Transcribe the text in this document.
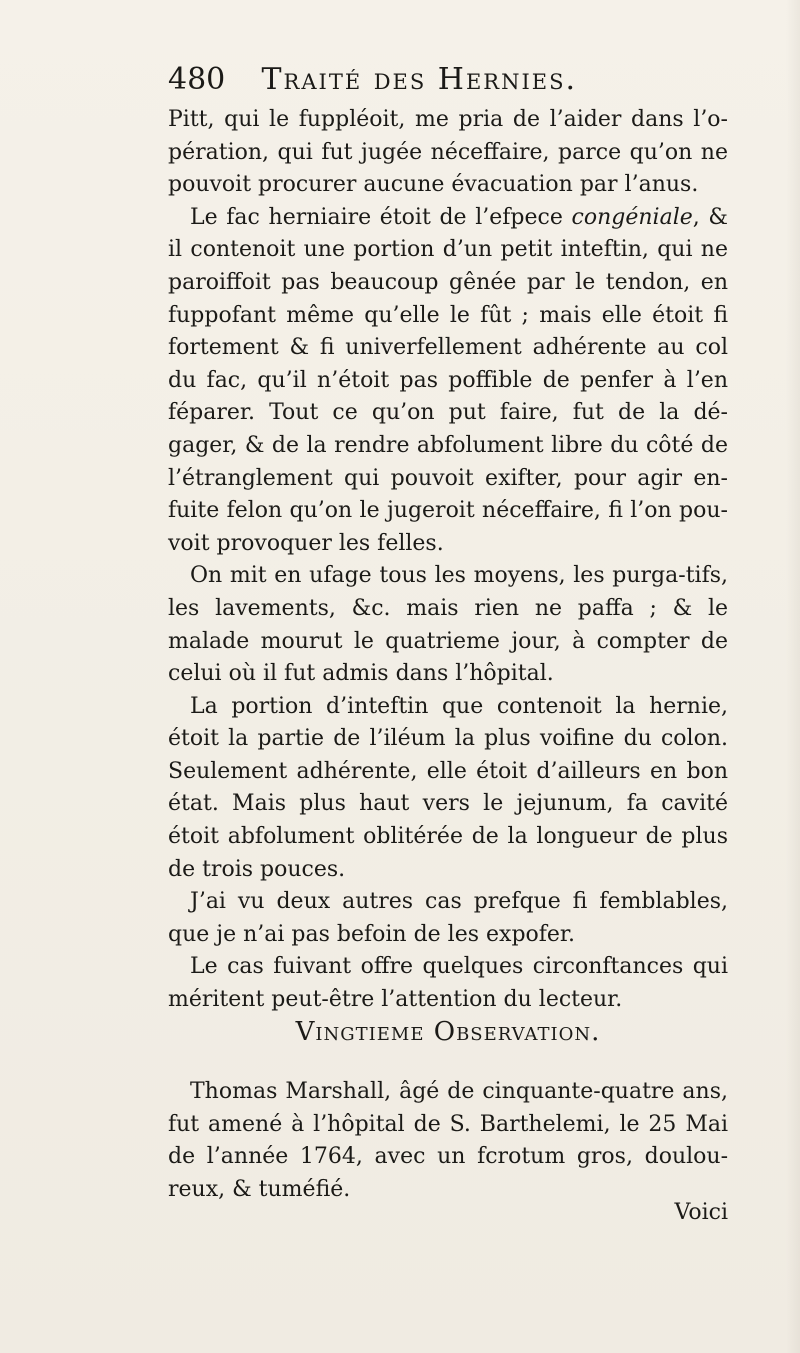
480 Traité des Hernies.

Pitt, qui le fuppléoit, me pria de l’aider dans l’o-pération, qui fut jugée néceffaire, parce qu’on ne pouvoit procurer aucune évacuation par l’anus.

Le fac herniaire étoit de l’efpece congéniale, & il contenoit une portion d’un petit inteftin, qui ne paroiffoit pas beaucoup gênée par le tendon, en fuppofant même qu’elle le fût ; mais elle étoit fi fortement & fi univerfellement adhérente au col du fac, qu’il n’étoit pas poffible de penfer à l’en féparer. Tout ce qu’on put faire, fut de la dé-gager, & de la rendre abfolument libre du côté de l’étranglement qui pouvoit exifter, pour agir en-fuite felon qu’on le jugeroit néceffaire, fi l’on pou-voit provoquer les felles.

On mit en ufage tous les moyens, les purga-tifs, les lavements, &c. mais rien ne paffa ; & le malade mourut le quatrieme jour, à compter de celui où il fut admis dans l’hôpital.

La portion d’inteftin que contenoit la hernie, étoit la partie de l’iléum la plus voifine du colon. Seulement adhérente, elle étoit d’ailleurs en bon état. Mais plus haut vers le jejunum, fa cavité étoit abfolument oblitérée de la longueur de plus de trois pouces.

J’ai vu deux autres cas prefque fi femblables, que je n’ai pas befoin de les expofer.

Le cas fuivant offre quelques circonftances qui méritent peut-être l’attention du lecteur.

Vingtieme Observation.

Thomas Marshall, âgé de cinquante-quatre ans, fut amené à l’hôpital de S. Barthelemi, le 25 Mai de l’année 1764, avec un fcrotum gros, doulou-reux, & tuméfié.

Voici
